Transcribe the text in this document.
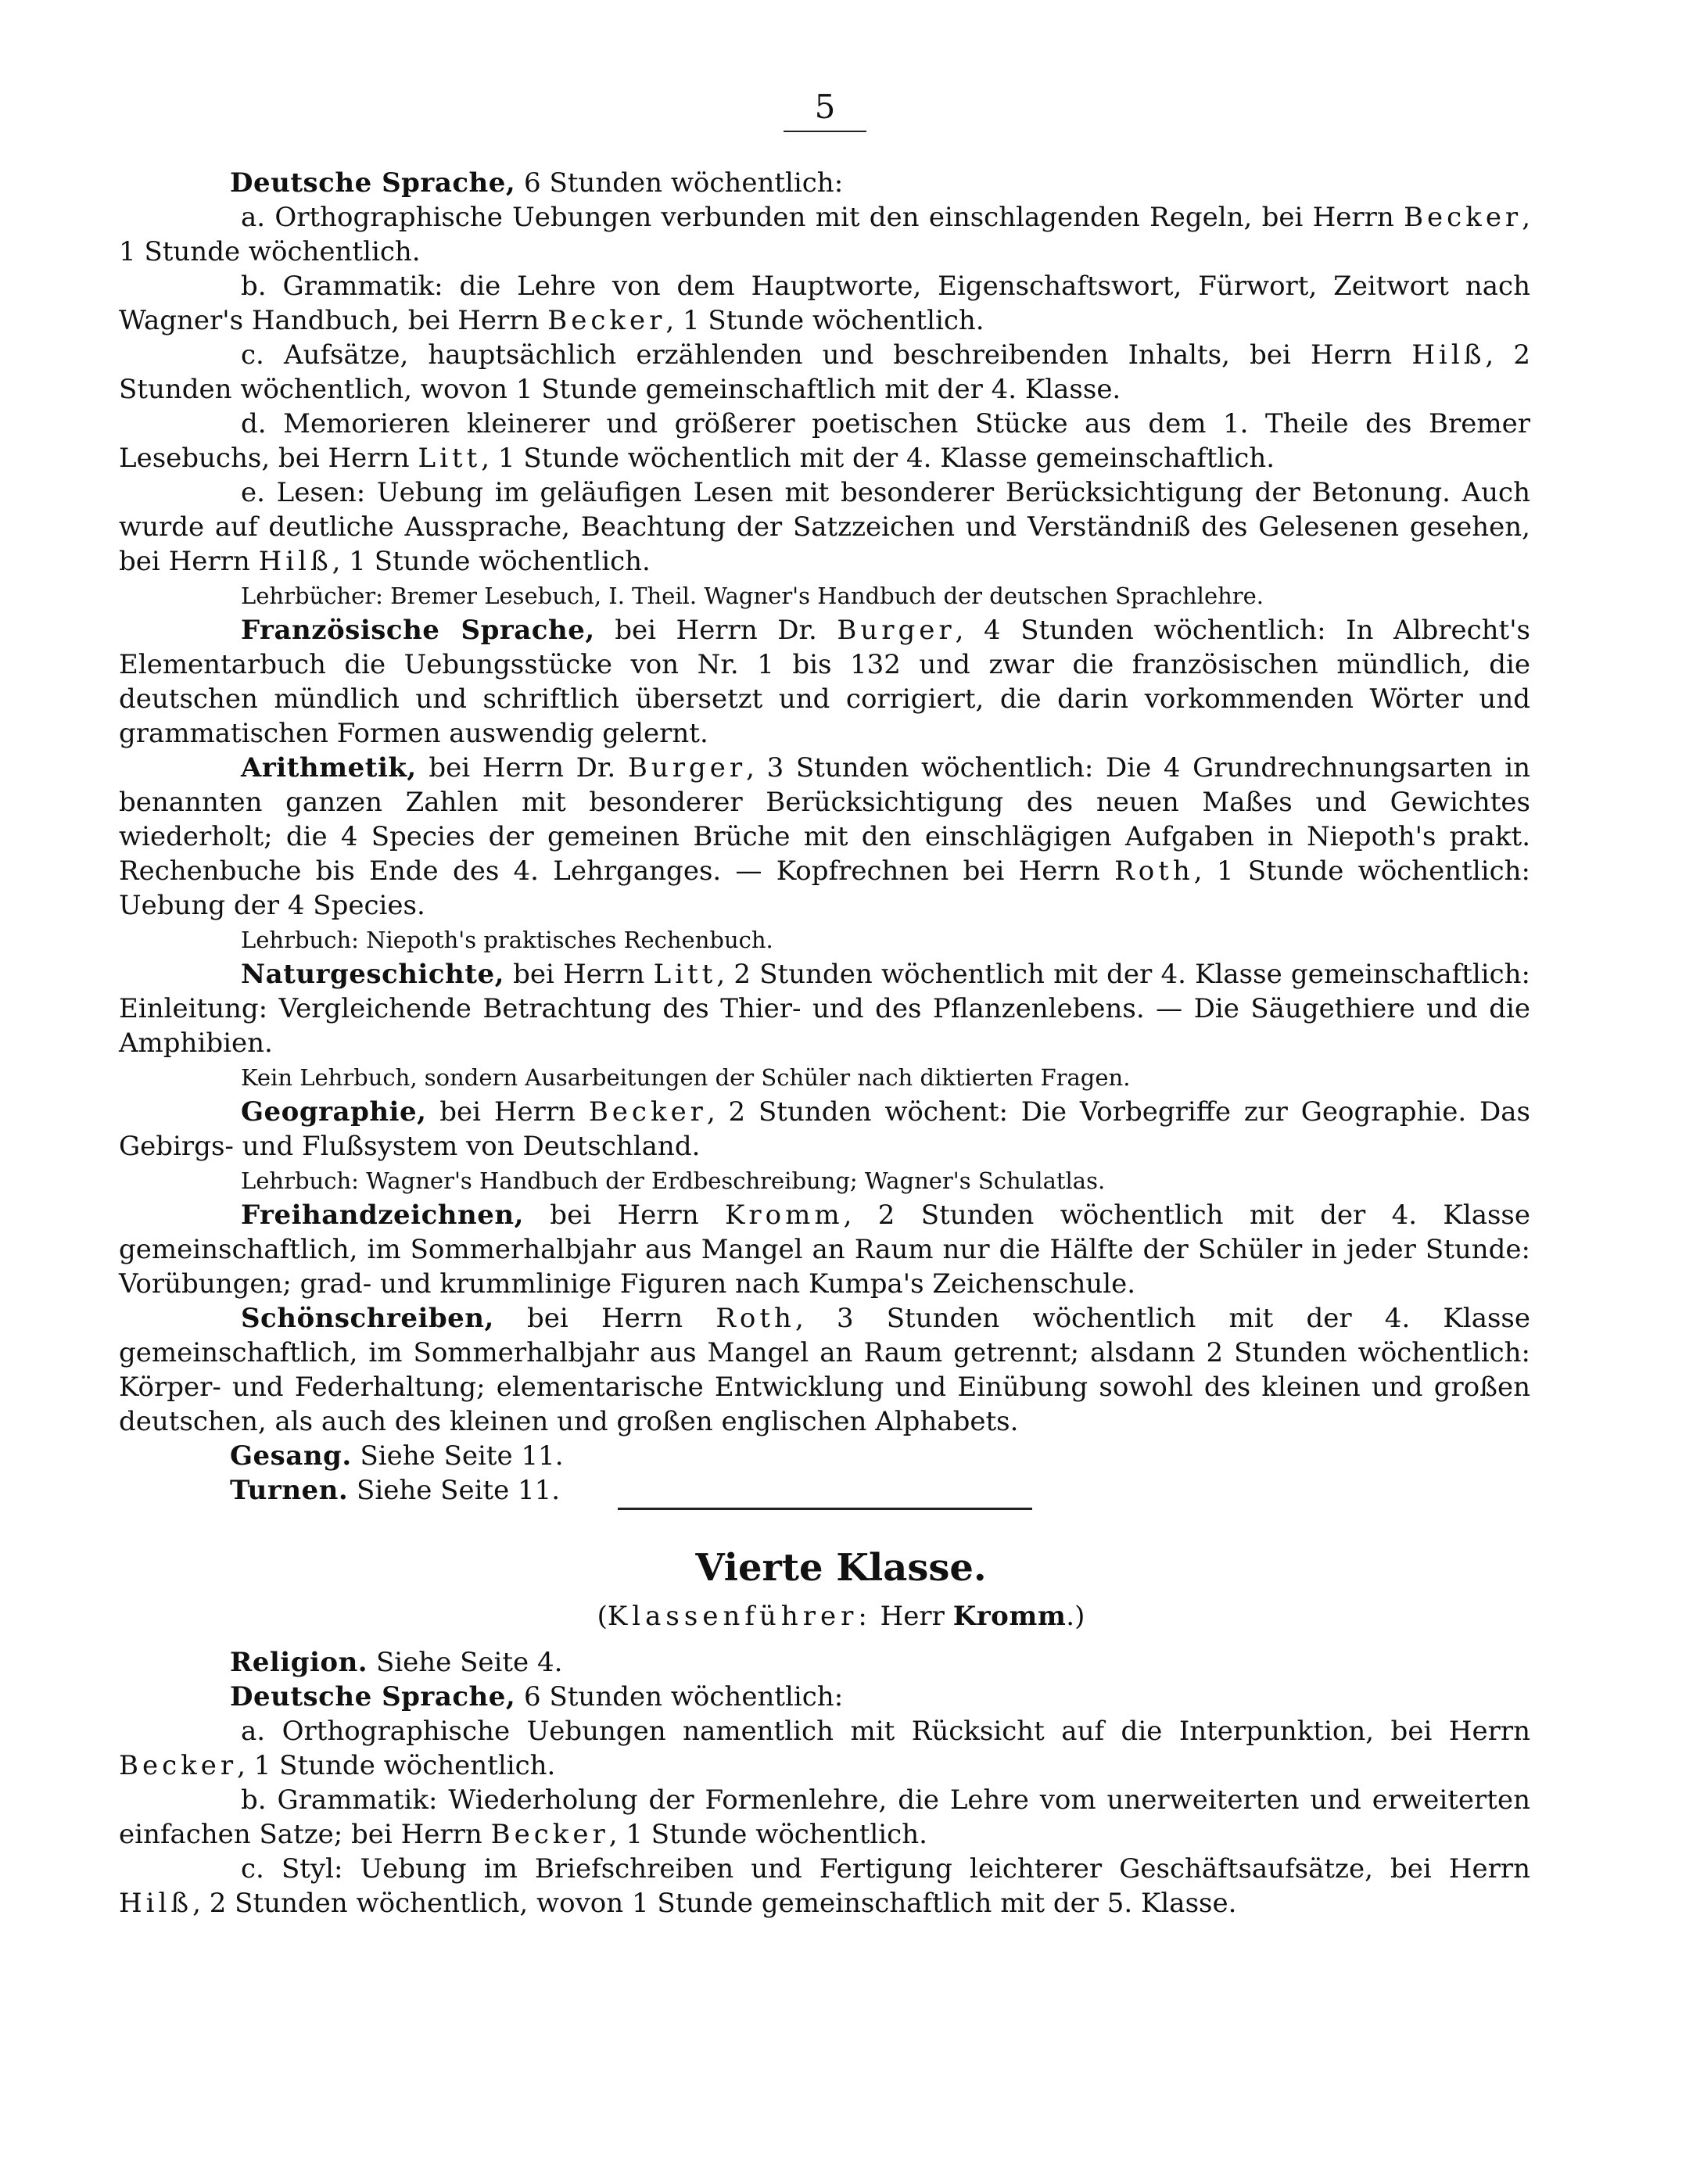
5

Deutsche Sprache, 6 Stunden wöchentlich:

a. Orthographische Uebungen verbunden mit den einschlagenden Regeln, bei Herrn Becker, 1 Stunde wöchentlich.

b. Grammatik: die Lehre von dem Hauptworte, Eigenschaftswort, Fürwort, Zeitwort nach Wagner's Handbuch, bei Herrn Becker, 1 Stunde wöchentlich.

c. Aufsätze, hauptsächlich erzählenden und beschreibenden Inhalts, bei Herrn Hilß, 2 Stunden wöchentlich, wovon 1 Stunde gemeinschaftlich mit der 4. Klasse.

d. Memorieren kleinerer und größerer poetischen Stücke aus dem 1. Theile des Bremer Lesebuchs, bei Herrn Litt, 1 Stunde wöchentlich mit der 4. Klasse gemeinschaftlich.

e. Lesen: Uebung im geläufigen Lesen mit besonderer Berücksichtigung der Betonung. Auch wurde auf deutliche Aussprache, Beachtung der Satzzeichen und Verständniß des Gelesenen gesehen, bei Herrn Hilß, 1 Stunde wöchentlich.

Lehrbücher: Bremer Lesebuch, I. Theil. Wagner's Handbuch der deutschen Sprachlehre.

Französische Sprache, bei Herrn Dr. Burger, 4 Stunden wöchentlich: In Albrecht's Elementarbuch die Uebungsstücke von Nr. 1 bis 132 und zwar die französischen mündlich, die deutschen mündlich und schriftlich übersetzt und corrigiert, die darin vorkommenden Wörter und grammatischen Formen auswendig gelernt.

Arithmetik, bei Herrn Dr. Burger, 3 Stunden wöchentlich: Die 4 Grundrechnungsarten in benannten ganzen Zahlen mit besonderer Berücksichtigung des neuen Maßes und Gewichtes wiederholt; die 4 Species der gemeinen Brüche mit den einschlägigen Aufgaben in Niepoth's prakt. Rechenbuche bis Ende des 4. Lehrganges. — Kopfrechnen bei Herrn Roth, 1 Stunde wöchentlich: Uebung der 4 Species.

Lehrbuch: Niepoth's praktisches Rechenbuch.

Naturgeschichte, bei Herrn Litt, 2 Stunden wöchentlich mit der 4. Klasse gemeinschaftlich: Einleitung: Vergleichende Betrachtung des Thier- und des Pflanzenlebens. — Die Säugethiere und die Amphibien.

Kein Lehrbuch, sondern Ausarbeitungen der Schüler nach diktierten Fragen.

Geographie, bei Herrn Becker, 2 Stunden wöchent: Die Vorbegriffe zur Geographie. Das Gebirgs- und Flußsystem von Deutschland.

Lehrbuch: Wagner's Handbuch der Erdbeschreibung; Wagner's Schulatlas.

Freihandzeichnen, bei Herrn Kromm, 2 Stunden wöchentlich mit der 4. Klasse gemeinschaftlich, im Sommerhalbjahr aus Mangel an Raum nur die Hälfte der Schüler in jeder Stunde: Vorübungen; grad- und krummlinige Figuren nach Kumpa's Zeichenschule.

Schönschreiben, bei Herrn Roth, 3 Stunden wöchentlich mit der 4. Klasse gemeinschaftlich, im Sommerhalbjahr aus Mangel an Raum getrennt; alsdann 2 Stunden wöchentlich: Körper- und Federhaltung; elementarische Entwicklung und Einübung sowohl des kleinen und großen deutschen, als auch des kleinen und großen englischen Alphabets.

Gesang. Siehe Seite 11.

Turnen. Siehe Seite 11.

Vierte Klasse.
(Klassenführer: Herr Kromm.)

Religion. Siehe Seite 4.

Deutsche Sprache, 6 Stunden wöchentlich:

a. Orthographische Uebungen namentlich mit Rücksicht auf die Interpunktion, bei Herrn Becker, 1 Stunde wöchentlich.

b. Grammatik: Wiederholung der Formenlehre, die Lehre vom unerweiterten und erweiterten einfachen Satze; bei Herrn Becker, 1 Stunde wöchentlich.

c. Styl: Uebung im Briefschreiben und Fertigung leichterer Geschäftsaufsätze, bei Herrn Hilß, 2 Stunden wöchentlich, wovon 1 Stunde gemeinschaftlich mit der 5. Klasse.
